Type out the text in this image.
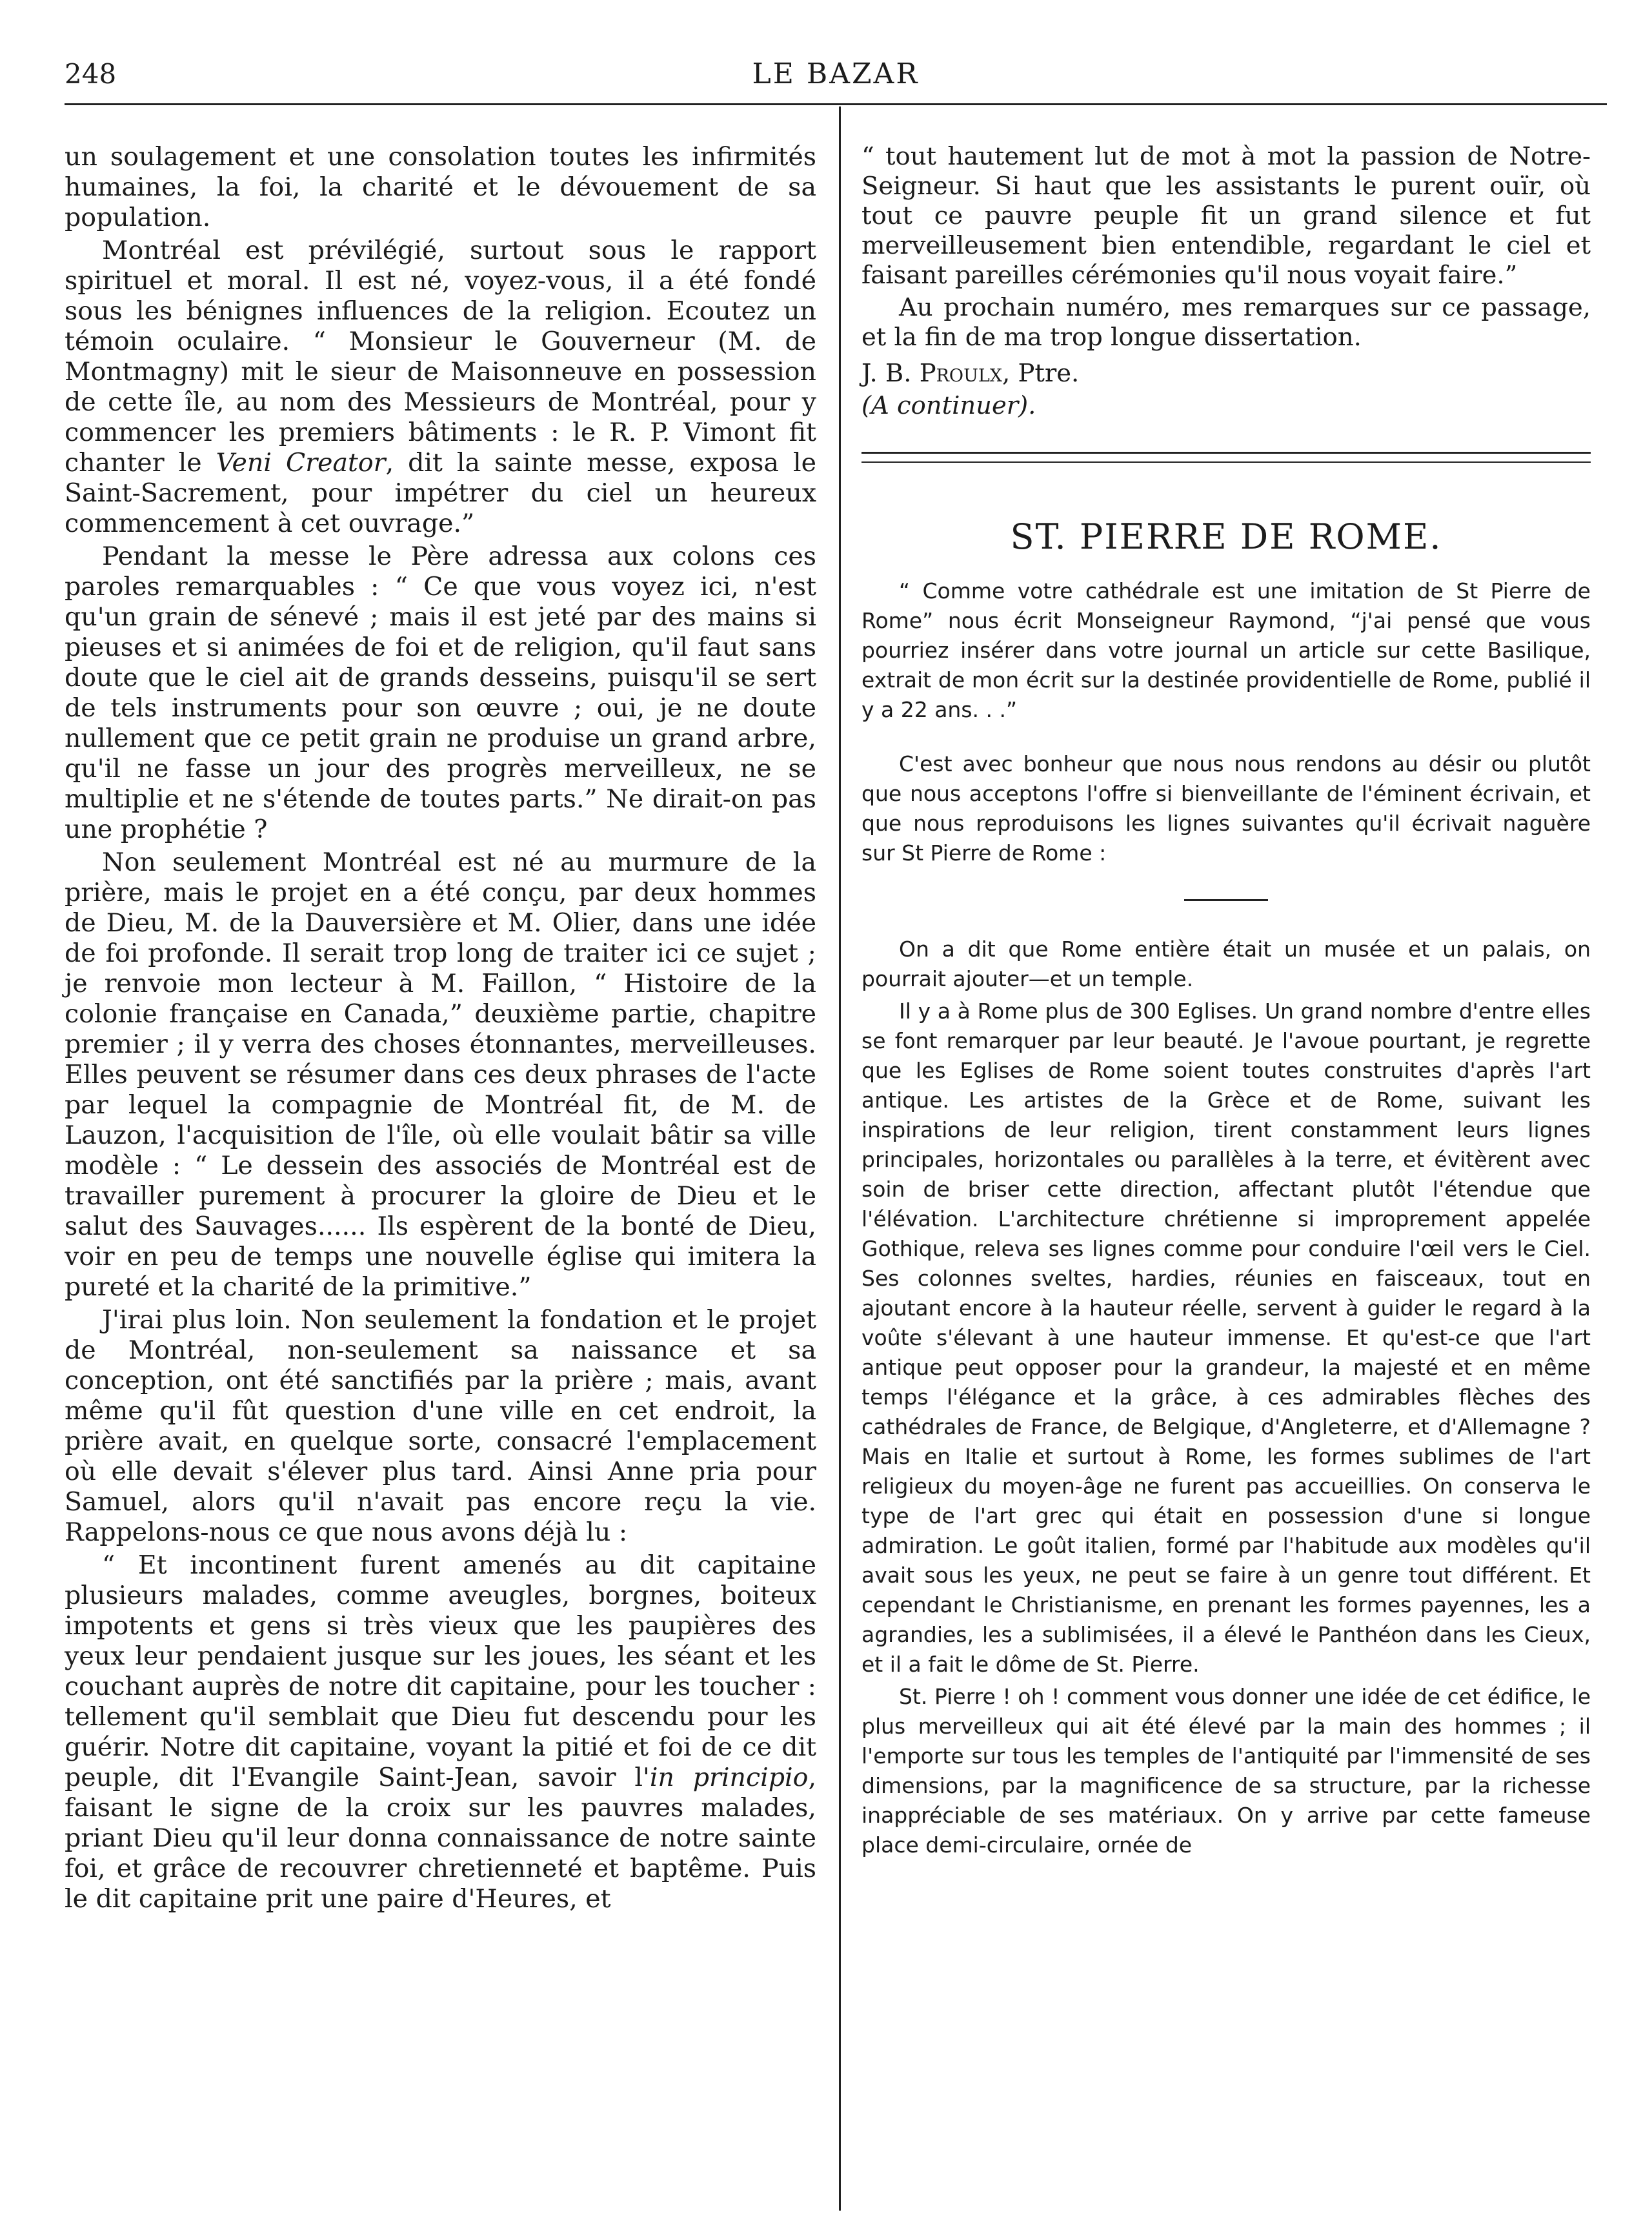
248	LE BAZAR

un soulagement et une consolation toutes les infirmités humaines, la foi, la charité et le dévouement de sa population.

Montréal est prévilégié, surtout sous le rapport spirituel et moral. Il est né, voyez-vous, il a été fondé sous les bénignes influences de la religion. Ecoutez un témoin oculaire. “ Monsieur le Gouverneur (M. de Montmagny) mit le sieur de Maisonneuve en possession de cette île, au nom des Messieurs de Montréal, pour y commencer les premiers bâtiments : le R. P. Vimont fit chanter le Veni Creator, dit la sainte messe, exposa le Saint-Sacrement, pour impétrer du ciel un heureux commencement à cet ouvrage.”

Pendant la messe le Père adressa aux colons ces paroles remarquables : “ Ce que vous voyez ici, n'est qu'un grain de sénevé ; mais il est jeté par des mains si pieuses et si animées de foi et de religion, qu'il faut sans doute que le ciel ait de grands desseins, puisqu'il se sert de tels instruments pour son œuvre ; oui, je ne doute nullement que ce petit grain ne produise un grand arbre, qu'il ne fasse un jour des progrès merveilleux, ne se multiplie et ne s'étende de toutes parts.” Ne dirait-on pas une prophétie ?

Non seulement Montréal est né au murmure de la prière, mais le projet en a été conçu, par deux hommes de Dieu, M. de la Dauversière et M. Olier, dans une idée de foi profonde. Il serait trop long de traiter ici ce sujet ; je renvoie mon lecteur à M. Faillon, “ Histoire de la colonie française en Canada,” deuxième partie, chapitre premier ; il y verra des choses étonnantes, merveilleuses. Elles peuvent se résumer dans ces deux phrases de l'acte par lequel la compagnie de Montréal fit, de M. de Lauzon, l'acquisition de l'île, où elle voulait bâtir sa ville modèle : “ Le dessein des associés de Montréal est de travailler purement à procurer la gloire de Dieu et le salut des Sauvages...... Ils espèrent de la bonté de Dieu, voir en peu de temps une nouvelle église qui imitera la pureté et la charité de la primitive.”

J'irai plus loin. Non seulement la fondation et le projet de Montréal, non-seulement sa naissance et sa conception, ont été sanctifiés par la prière ; mais, avant même qu'il fût question d'une ville en cet endroit, la prière avait, en quelque sorte, consacré l'emplacement où elle devait s'élever plus tard. Ainsi Anne pria pour Samuel, alors qu'il n'avait pas encore reçu la vie. Rappelons-nous ce que nous avons déjà lu :

“ Et incontinent furent amenés au dit capitaine plusieurs malades, comme aveugles, borgnes, boiteux impotents et gens si très vieux que les paupières des yeux leur pendaient jusque sur les joues, les séant et les couchant auprès de notre dit capitaine, pour les toucher : tellement qu'il semblait que Dieu fut descendu pour les guérir. Notre dit capitaine, voyant la pitié et foi de ce dit peuple, dit l'Evangile Saint-Jean, savoir l'in principio, faisant le signe de la croix sur les pauvres malades, priant Dieu qu'il leur donna connaissance de notre sainte foi, et grâce de recouvrer chretienneté et baptême. Puis le dit capitaine prit une paire d'Heures, et

“ tout hautement lut de mot à mot la passion de Notre-Seigneur. Si haut que les assistants le purent ouïr, où tout ce pauvre peuple fit un grand silence et fut merveilleusement bien entendible, regardant le ciel et faisant pareilles cérémonies qu'il nous voyait faire.”

Au prochain numéro, mes remarques sur ce passage, et la fin de ma trop longue dissertation.

J. B. Proulx, Ptre.

(A continuer).

ST. PIERRE DE ROME.

“ Comme votre cathédrale est une imitation de St Pierre de Rome” nous écrit Monseigneur Raymond, “j'ai pensé que vous pourriez insérer dans votre journal un article sur cette Basilique, extrait de mon écrit sur la destinée providentielle de Rome, publié il y a 22 ans. . .”

C'est avec bonheur que nous nous rendons au désir ou plutôt que nous acceptons l'offre si bienveillante de l'éminent écrivain, et que nous reproduisons les lignes suivantes qu'il écrivait naguère sur St Pierre de Rome :

On a dit que Rome entière était un musée et un palais, on pourrait ajouter—et un temple.

Il y a à Rome plus de 300 Eglises. Un grand nombre d'entre elles se font remarquer par leur beauté. Je l'avoue pourtant, je regrette que les Eglises de Rome soient toutes construites d'après l'art antique. Les artistes de la Grèce et de Rome, suivant les inspirations de leur religion, tirent constamment leurs lignes principales, horizontales ou parallèles à la terre, et évitèrent avec soin de briser cette direction, affectant plutôt l'étendue que l'élévation. L'architecture chrétienne si improprement appelée Gothique, releva ses lignes comme pour conduire l'œil vers le Ciel. Ses colonnes sveltes, hardies, réunies en faisceaux, tout en ajoutant encore à la hauteur réelle, servent à guider le regard à la voûte s'élevant à une hauteur immense. Et qu'est-ce que l'art antique peut opposer pour la grandeur, la majesté et en même temps l'élégance et la grâce, à ces admirables flèches des cathédrales de France, de Belgique, d'Angleterre, et d'Allemagne ? Mais en Italie et surtout à Rome, les formes sublimes de l'art religieux du moyen-âge ne furent pas accueillies. On conserva le type de l'art grec qui était en possession d'une si longue admiration. Le goût italien, formé par l'habitude aux modèles qu'il avait sous les yeux, ne peut se faire à un genre tout différent. Et cependant le Christianisme, en prenant les formes payennes, les a agrandies, les a sublimisées, il a élevé le Panthéon dans les Cieux, et il a fait le dôme de St. Pierre.

St. Pierre ! oh ! comment vous donner une idée de cet édifice, le plus merveilleux qui ait été élevé par la main des hommes ; il l'emporte sur tous les temples de l'antiquité par l'immensité de ses dimensions, par la magnificence de sa structure, par la richesse inappréciable de ses matériaux. On y arrive par cette fameuse place demi-circulaire, ornée de
